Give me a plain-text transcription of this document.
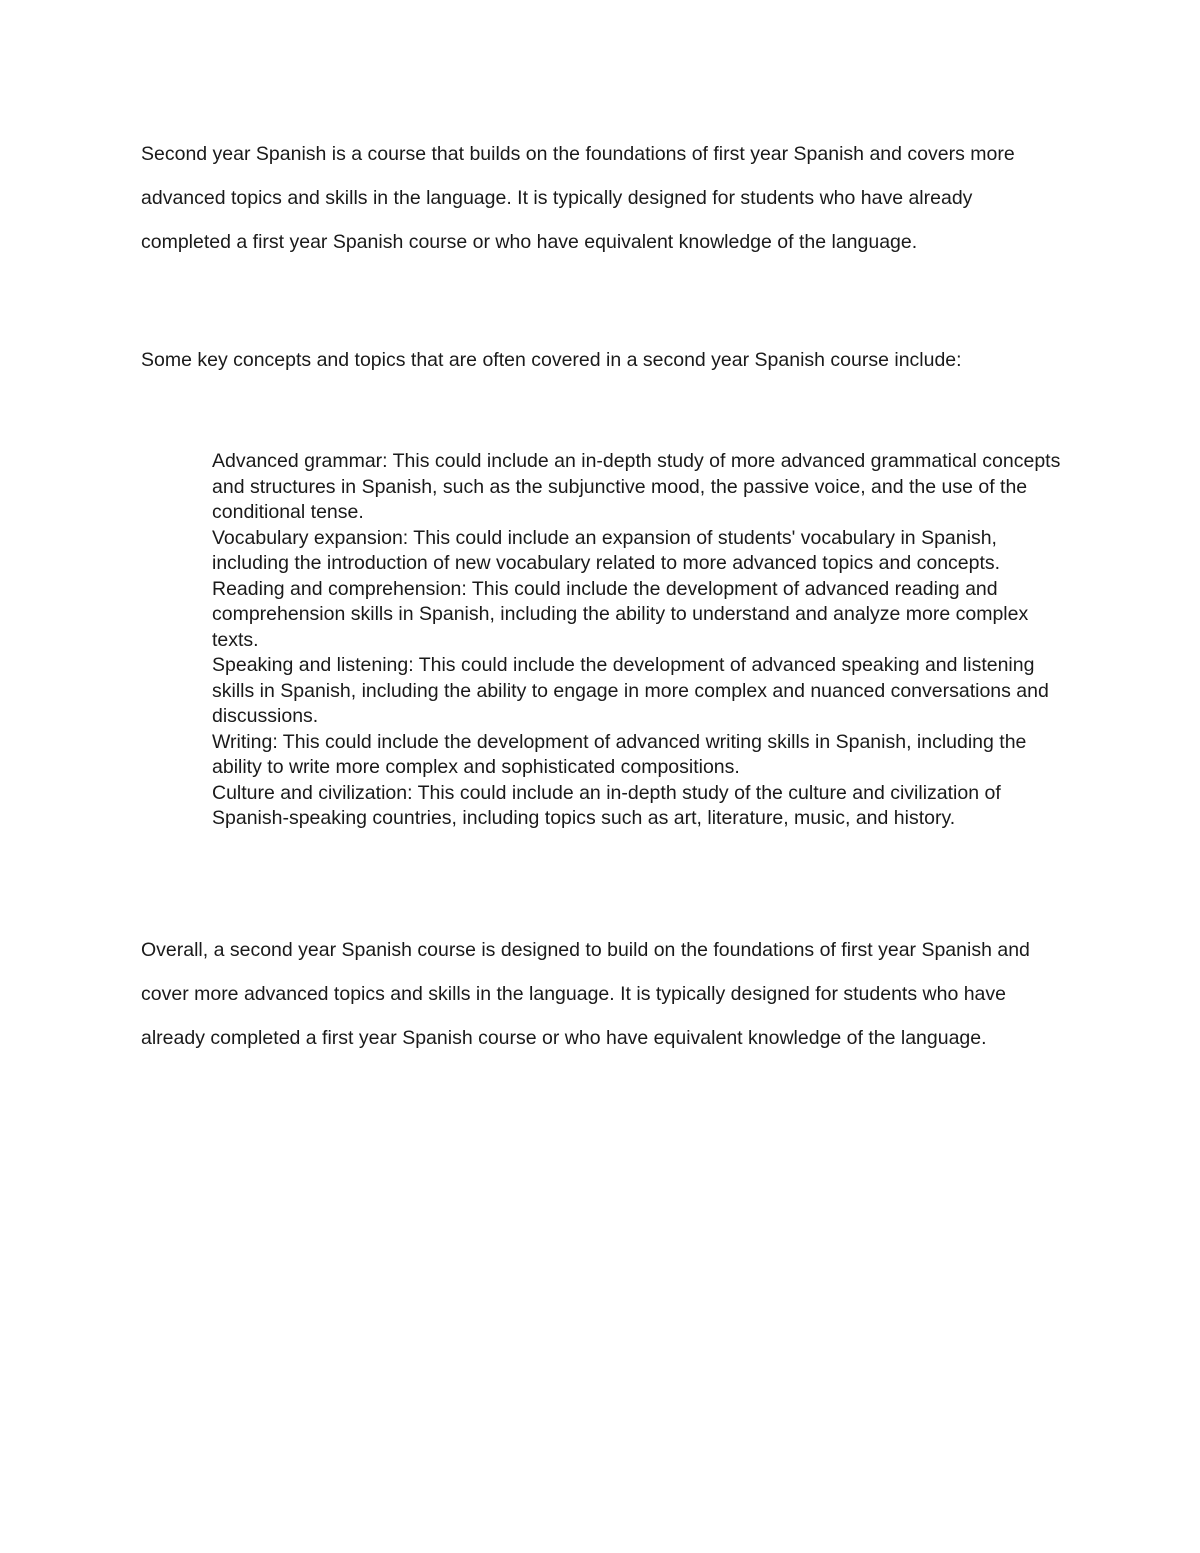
Second year Spanish is a course that builds on the foundations of first year Spanish and covers more advanced topics and skills in the language. It is typically designed for students who have already completed a first year Spanish course or who have equivalent knowledge of the language.

Some key concepts and topics that are often covered in a second year Spanish course include:

Advanced grammar: This could include an in-depth study of more advanced grammatical concepts and structures in Spanish, such as the subjunctive mood, the passive voice, and the use of the conditional tense.
Vocabulary expansion: This could include an expansion of students' vocabulary in Spanish, including the introduction of new vocabulary related to more advanced topics and concepts.
Reading and comprehension: This could include the development of advanced reading and comprehension skills in Spanish, including the ability to understand and analyze more complex texts.
Speaking and listening: This could include the development of advanced speaking and listening skills in Spanish, including the ability to engage in more complex and nuanced conversations and discussions.
Writing: This could include the development of advanced writing skills in Spanish, including the ability to write more complex and sophisticated compositions.
Culture and civilization: This could include an in-depth study of the culture and civilization of Spanish-speaking countries, including topics such as art, literature, music, and history.

Overall, a second year Spanish course is designed to build on the foundations of first year Spanish and cover more advanced topics and skills in the language. It is typically designed for students who have already completed a first year Spanish course or who have equivalent knowledge of the language.
